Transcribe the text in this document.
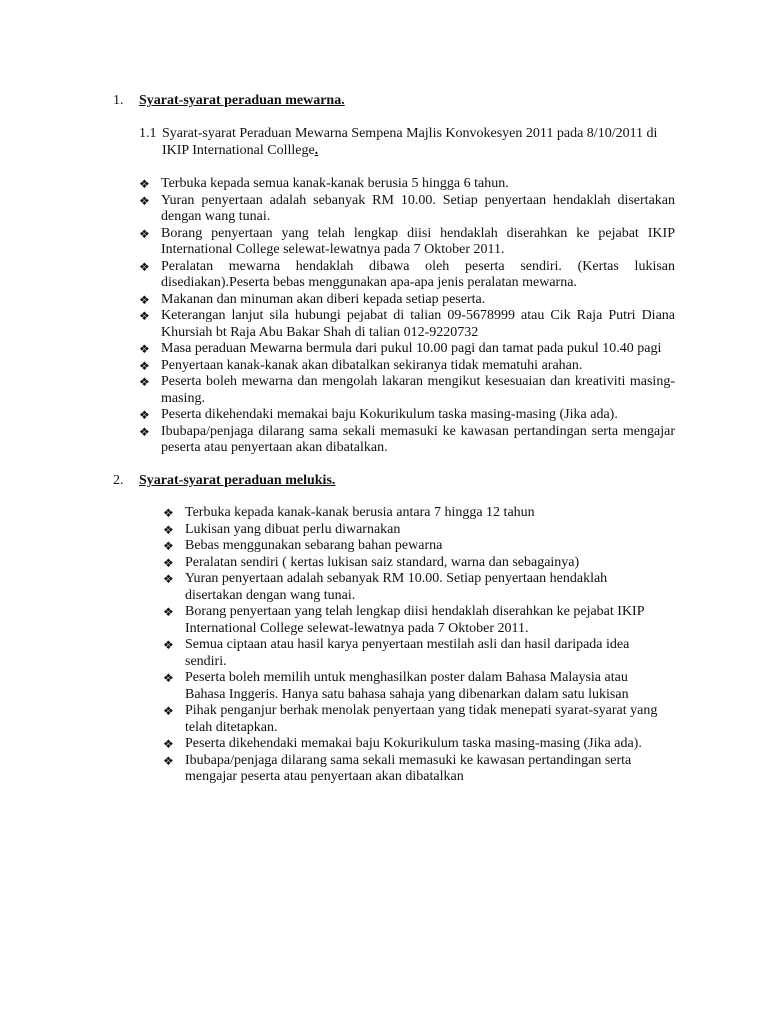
1.	Syarat-syarat peraduan mewarna.
1.1 Syarat-syarat Peraduan Mewarna Sempena Majlis Konvokesyen 2011 pada 8/10/2011 di IKIP International Colllege.
❖ Terbuka kepada semua kanak-kanak berusia 5 hingga 6 tahun.
❖ Yuran penyertaan adalah sebanyak RM 10.00. Setiap penyertaan hendaklah disertakan dengan wang tunai.
❖ Borang penyertaan yang telah lengkap diisi hendaklah diserahkan ke pejabat IKIP International College selewat-lewatnya pada 7 Oktober 2011.
❖ Peralatan mewarna hendaklah dibawa oleh peserta sendiri. (Kertas lukisan disediakan).Peserta bebas menggunakan apa-apa jenis peralatan mewarna.
❖ Makanan dan minuman akan diberi kepada setiap peserta.
❖ Keterangan lanjut sila hubungi pejabat di talian 09-5678999 atau Cik Raja Putri Diana Khursiah bt Raja Abu Bakar Shah di talian 012-9220732
❖ Masa peraduan Mewarna bermula dari pukul 10.00 pagi dan tamat pada pukul 10.40 pagi
❖ Penyertaan kanak-kanak akan dibatalkan sekiranya tidak mematuhi arahan.
❖ Peserta boleh mewarna dan mengolah lakaran mengikut kesesuaian dan kreativiti masing-masing.
❖ Peserta dikehendaki memakai baju Kokurikulum taska masing-masing (Jika ada).
❖ Ibubapa/penjaga dilarang sama sekali memasuki ke kawasan pertandingan serta mengajar peserta atau penyertaan akan dibatalkan.
2.	Syarat-syarat peraduan melukis.
❖ Terbuka kepada kanak-kanak berusia antara 7 hingga 12 tahun
❖ Lukisan yang dibuat perlu diwarnakan
❖ Bebas menggunakan sebarang bahan pewarna
❖ Peralatan sendiri ( kertas lukisan saiz standard, warna dan sebagainya)
❖ Yuran penyertaan adalah sebanyak RM 10.00. Setiap penyertaan hendaklah disertakan dengan wang tunai.
❖ Borang penyertaan yang telah lengkap diisi hendaklah diserahkan ke pejabat IKIP International College selewat-lewatnya pada 7 Oktober 2011.
❖ Semua ciptaan atau hasil karya penyertaan mestilah asli dan hasil daripada idea sendiri.
❖ Peserta boleh memilih untuk menghasilkan poster dalam Bahasa Malaysia atau Bahasa Inggeris. Hanya satu bahasa sahaja yang dibenarkan dalam satu lukisan
❖ Pihak penganjur berhak menolak penyertaan yang tidak menepati syarat-syarat yang telah ditetapkan.
❖ Peserta dikehendaki memakai baju Kokurikulum taska masing-masing (Jika ada).
❖ Ibubapa/penjaga dilarang sama sekali memasuki ke kawasan pertandingan serta mengajar peserta atau penyertaan akan dibatalkan
